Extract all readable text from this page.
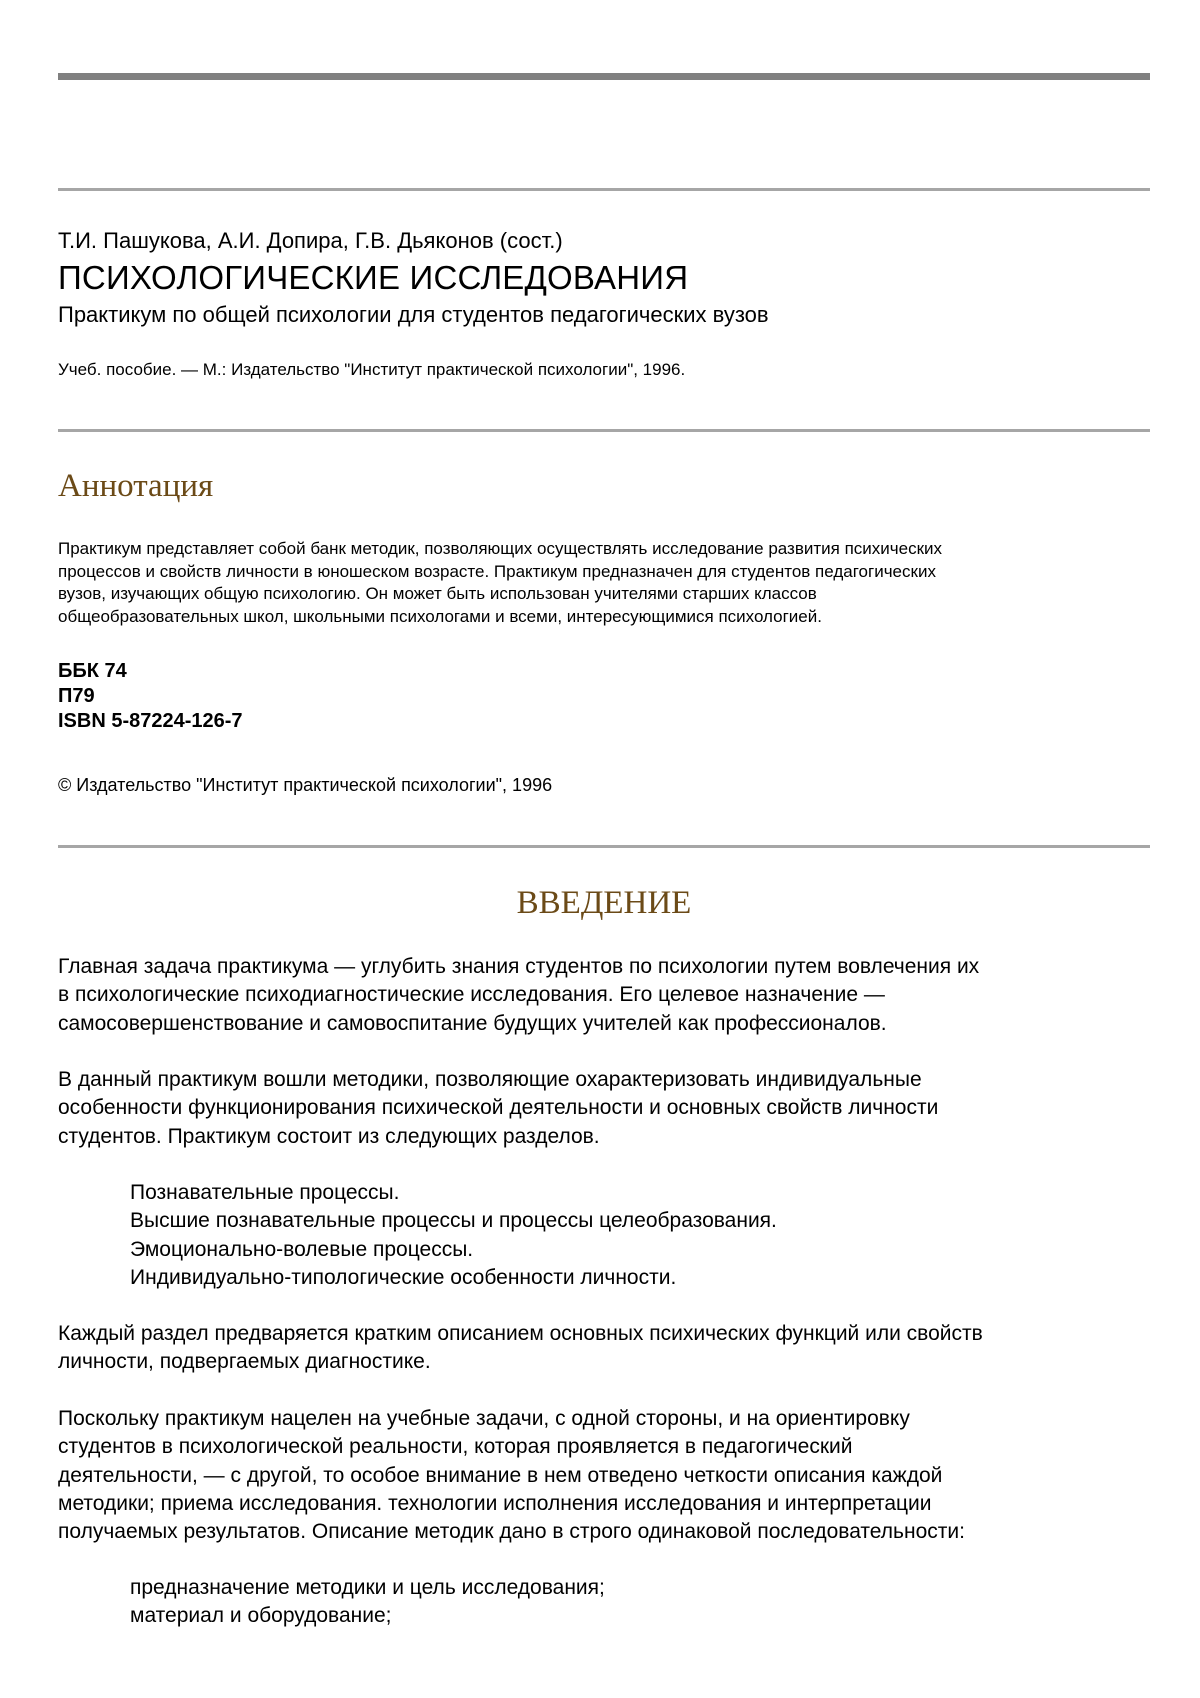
Т.И. Пашукова, А.И. Допира, Г.В. Дьяконов (сост.)
ПСИХОЛОГИЧЕСКИЕ ИССЛЕДОВАНИЯ
Практикум по общей психологии для студентов педагогических вузов
Учеб. пособие. — М.: Издательство "Институт практической психологии", 1996.
Аннотация
Практикум представляет собой банк методик, позволяющих осуществлять исследование развития психических
процессов и свойств личности в юношеском возрасте. Практикум предназначен для студентов педагогических
вузов, изучающих общую психологию. Он может быть использован учителями старших классов
общеобразовательных школ, школьными психологами и всеми, интересующимися психологией.
ББК 74
П79
ISBN 5-87224-126-7
© Издательство "Институт практической психологии", 1996
ВВЕДЕНИЕ
Главная задача практикума — углубить знания студентов по психологии путем вовлечения их
в психологические психодиагностические исследования. Его целевое назначение —
самосовершенствование и самовоспитание будущих учителей как профессионалов.
В данный практикум вошли методики, позволяющие охарактеризовать индивидуальные
особенности функционирования психической деятельности и основных свойств личности
студентов. Практикум состоит из следующих разделов.
Познавательные процессы.
Высшие познавательные процессы и процессы целеобразования.
Эмоционально-волевые процессы.
Индивидуально-типологические особенности личности.
Каждый раздел предваряется кратким описанием основных психических функций или свойств
личности, подвергаемых диагностике.
Поскольку практикум нацелен на учебные задачи, с одной стороны, и на ориентировку
студентов в психологической реальности, которая проявляется в педагогический
деятельности, — с другой, то особое внимание в нем отведено четкости описания каждой
методики; приема исследования. технологии исполнения исследования и интерпретации
получаемых результатов. Описание методик дано в строго одинаковой последовательности:
предназначение методики и цель исследования;
материал и оборудование;
